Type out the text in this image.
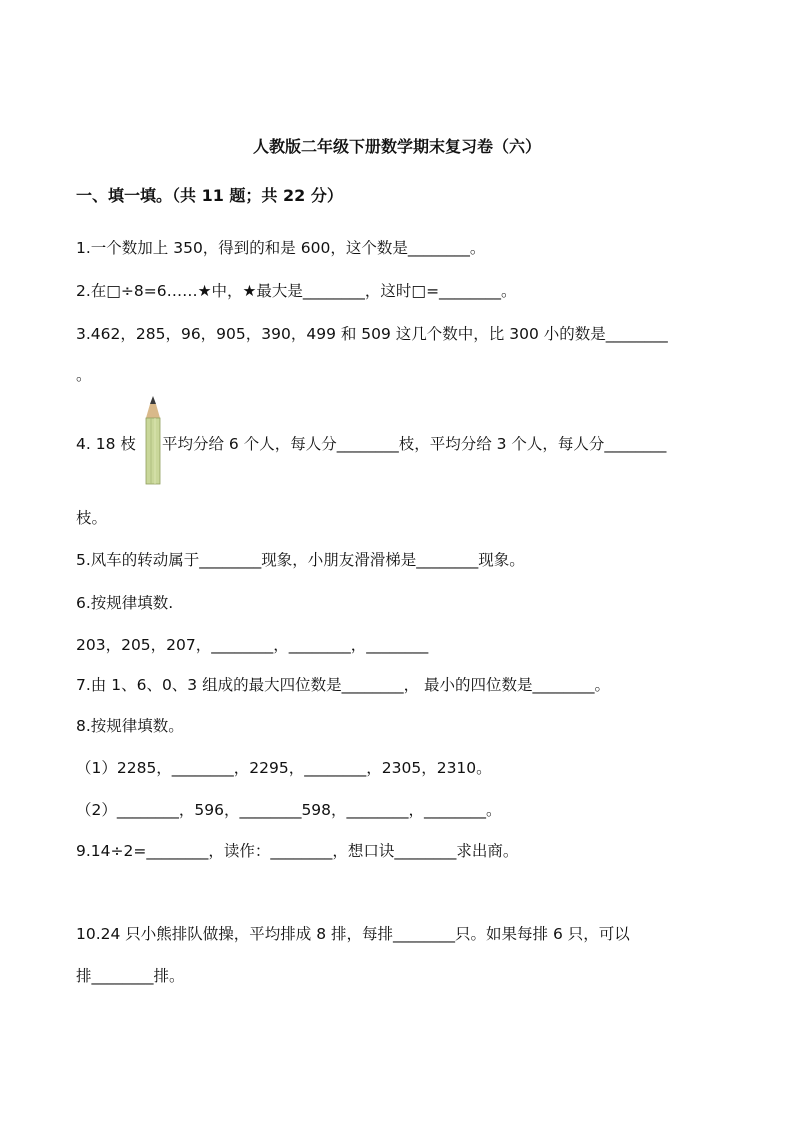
人教版二年级下册数学期末复习卷（六）
一、填一填。（共 11 题；共 22 分）
1.一个数加上 350，得到的和是 600，这个数是________。
2.在□÷8=6……★中，★最大是________，这时□=________。
3.462，285，96，905，390，499 和 509 这几个数中，比 300 小的数是________
。
4. 18 枝 平均分给 6 个人，每人分________枝，平均分给 3 个人，每人分________
枝。
5.风车的转动属于________现象，小朋友滑滑梯是________现象。
6.按规律填数.
203，205，207，________，________，________
7.由 1、6、0、3 组成的最大四位数是________， 最小的四位数是________。
8.按规律填数。
（1）2285，________，2295，________，2305，2310。
（2）________，596，________598，________，________。
9.14÷2=________，读作：________，想口诀________求出商。
10.24 只小熊排队做操，平均排成 8 排，每排________只。如果每排 6 只，可以
排________排。
